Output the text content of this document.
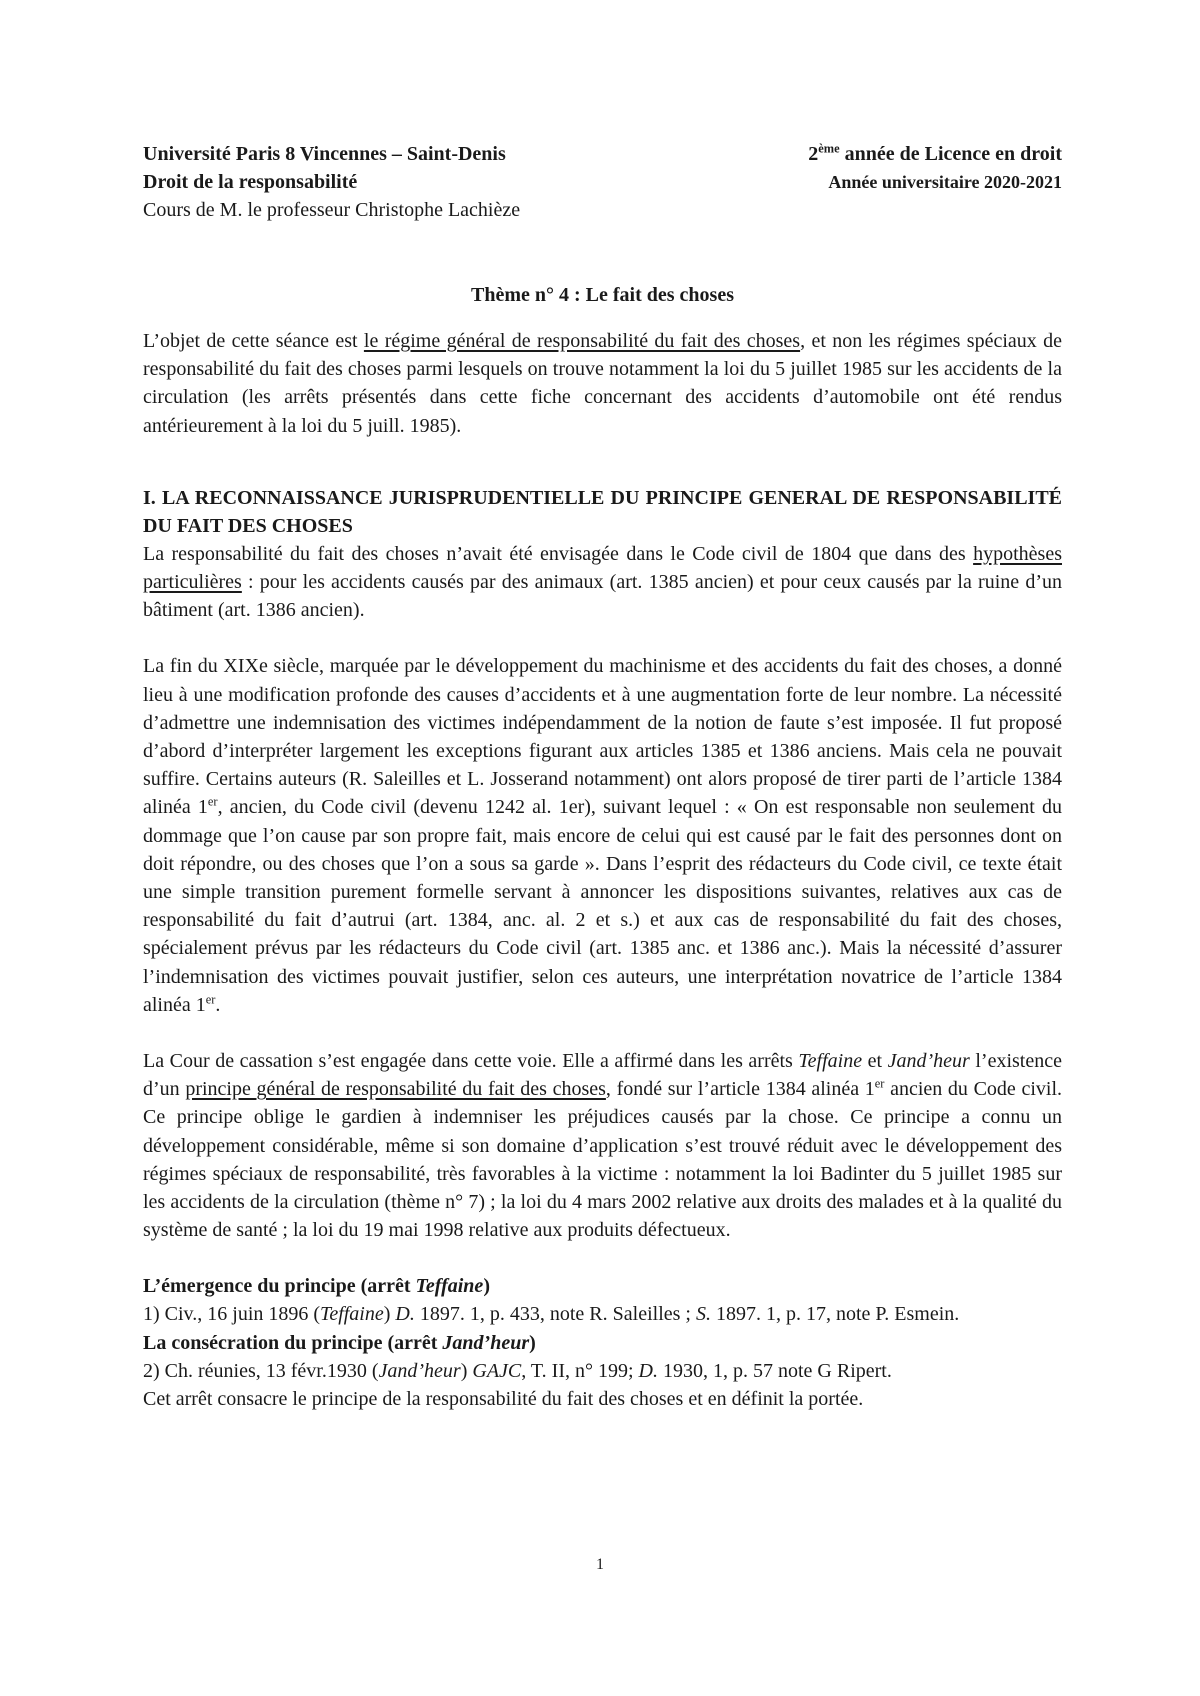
Université Paris 8 Vincennes – Saint-Denis
Droit de la responsabilité
Cours de M. le professeur Christophe Lachièze
2ème année de Licence en droit
Année universitaire 2020-2021
Thème n° 4 : Le fait des choses

L’objet de cette séance est le régime général de responsabilité du fait des choses, et non les régimes spéciaux de responsabilité du fait des choses parmi lesquels on trouve notamment la loi du 5 juillet 1985 sur les accidents de la circulation (les arrêts présentés dans cette fiche concernant des accidents d’automobile ont été rendus antérieurement à la loi du 5 juill. 1985).

I. LA RECONNAISSANCE JURISPRUDENTIELLE DU PRINCIPE GENERAL DE RESPONSABILITÉ DU FAIT DES CHOSES

La responsabilité du fait des choses n’avait été envisagée dans le Code civil de 1804 que dans des hypothèses particulières : pour les accidents causés par des animaux (art. 1385 ancien) et pour ceux causés par la ruine d’un bâtiment (art. 1386 ancien).

La fin du XIXe siècle, marquée par le développement du machinisme et des accidents du fait des choses, a donné lieu à une modification profonde des causes d’accidents et à une augmentation forte de leur nombre. La nécessité d’admettre une indemnisation des victimes indépendamment de la notion de faute s’est imposée. Il fut proposé d’abord d’interpréter largement les exceptions figurant aux articles 1385 et 1386 anciens. Mais cela ne pouvait suffire. Certains auteurs (R. Saleilles et L. Josserand notamment) ont alors proposé de tirer parti de l’article 1384 alinéa 1er, ancien, du Code civil (devenu 1242 al. 1er), suivant lequel : « On est responsable non seulement du dommage que l’on cause par son propre fait, mais encore de celui qui est causé par le fait des personnes dont on doit répondre, ou des choses que l’on a sous sa garde ». Dans l’esprit des rédacteurs du Code civil, ce texte était une simple transition purement formelle servant à annoncer les dispositions suivantes, relatives aux cas de responsabilité du fait d’autrui (art. 1384, anc. al. 2 et s.) et aux cas de responsabilité du fait des choses, spécialement prévus par les rédacteurs du Code civil (art. 1385 anc. et 1386 anc.). Mais la nécessité d’assurer l’indemnisation des victimes pouvait justifier, selon ces auteurs, une interprétation novatrice de l’article 1384 alinéa 1er.

La Cour de cassation s’est engagée dans cette voie. Elle a affirmé dans les arrêts Teffaine et Jand’heur l’existence d’un principe général de responsabilité du fait des choses, fondé sur l’article 1384 alinéa 1er ancien du Code civil. Ce principe oblige le gardien à indemniser les préjudices causés par la chose. Ce principe a connu un développement considérable, même si son domaine d’application s’est trouvé réduit avec le développement des régimes spéciaux de responsabilité, très favorables à la victime : notamment la loi Badinter du 5 juillet 1985 sur les accidents de la circulation (thème n° 7) ; la loi du 4 mars 2002 relative aux droits des malades et à la qualité du système de santé ; la loi du 19 mai 1998 relative aux produits défectueux.

L’émergence du principe (arrêt Teffaine)

1) Civ., 16 juin 1896 (Teffaine) D. 1897. 1, p. 433, note R. Saleilles ; S. 1897. 1, p. 17, note P. Esmein.

La consécration du principe (arrêt Jand’heur)

2) Ch. réunies, 13 févr.1930 (Jand’heur) GAJC, T. II, n° 199; D. 1930, 1, p. 57 note G Ripert.

Cet arrêt consacre le principe de la responsabilité du fait des choses et en définit la portée.

1
